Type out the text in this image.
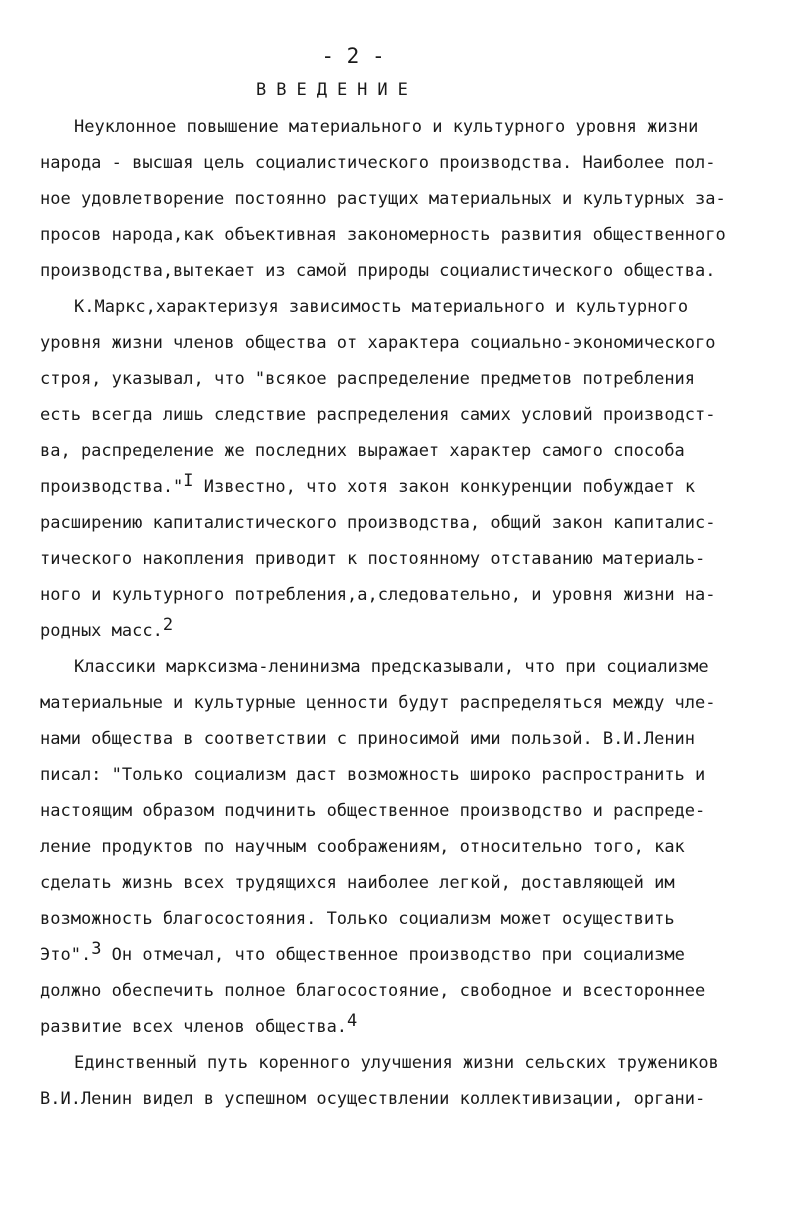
- 2 -
ВВЕДЕНИЕ
Неуклонное повышение материального и культурного уровня жизни
народа - высшая цель социалистического производства. Наиболее пол-
ное удовлетворение постоянно растущих материальных и культурных за-
просов народа,как объективная закономерность развития общественного
производства,вытекает из самой природы социалистического общества.
К.Маркс,характеризуя зависимость материального и культурного
уровня жизни членов общества от характера социально-экономического
строя, указывал, что "всякое распределение предметов потребления
есть всегда лишь следствие распределения самих условий производст-
ва, распределение же последних выражает характер самого способа
производства."$^I$ Известно, что хотя закон конкуренции побуждает к
расширению капиталистического производства, общий закон капиталис-
тического накопления приводит к постоянному отставанию материаль-
ного и культурного потребления,а,следовательно, и уровня жизни на-
родных масс.$^2$
Классики марксизма-ленинизма предсказывали, что при социализме
материальные и культурные ценности будут распределяться между чле-
нами общества в соответствии с приносимой ими пользой. В.И.Ленин
писал: "Только социализм даст возможность широко распространить и
настоящим образом подчинить общественное производство и распреде-
ление продуктов по научным соображениям, относительно того, как
сделать жизнь всех трудящихся наиболее легкой, доставляющей им
возможность благосостояния. Только социализм может осуществить
Это".$^3$ Он отмечал, что общественное производство при социализме
должно обеспечить полное благосостояние, свободное и всестороннее
развитие всех членов общества.$^4$
Единственный путь коренного улучшения жизни сельских тружеников
В.И.Ленин видел в успешном осуществлении коллективизации, органи-
